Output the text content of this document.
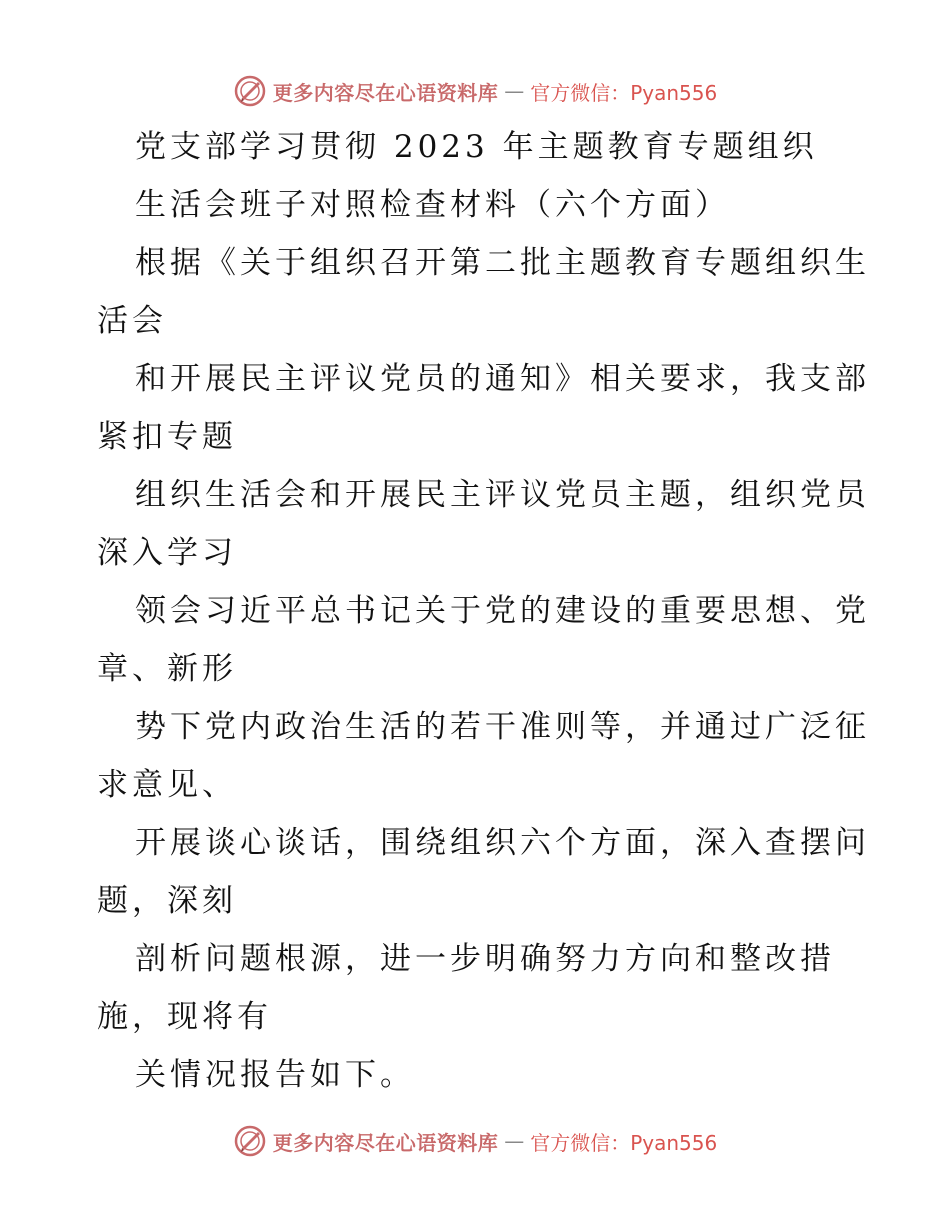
更多内容尽在心语资料库 — 官方微信：Pyan556
党支部学习贯彻 2023 年主题教育专题组织
生活会班子对照检查材料（六个方面）
根据《关于组织召开第二批主题教育专题组织生
活会
和开展民主评议党员的通知》相关要求，我支部
紧扣专题
组织生活会和开展民主评议党员主题，组织党员
深入学习
领会习近平总书记关于党的建设的重要思想、党
章、新形
势下党内政治生活的若干准则等，并通过广泛征
求意见、
开展谈心谈话，围绕组织六个方面，深入查摆问
题，深刻
剖析问题根源，进一步明确努力方向和整改措
施，现将有
关情况报告如下。
更多内容尽在心语资料库 — 官方微信：Pyan556
